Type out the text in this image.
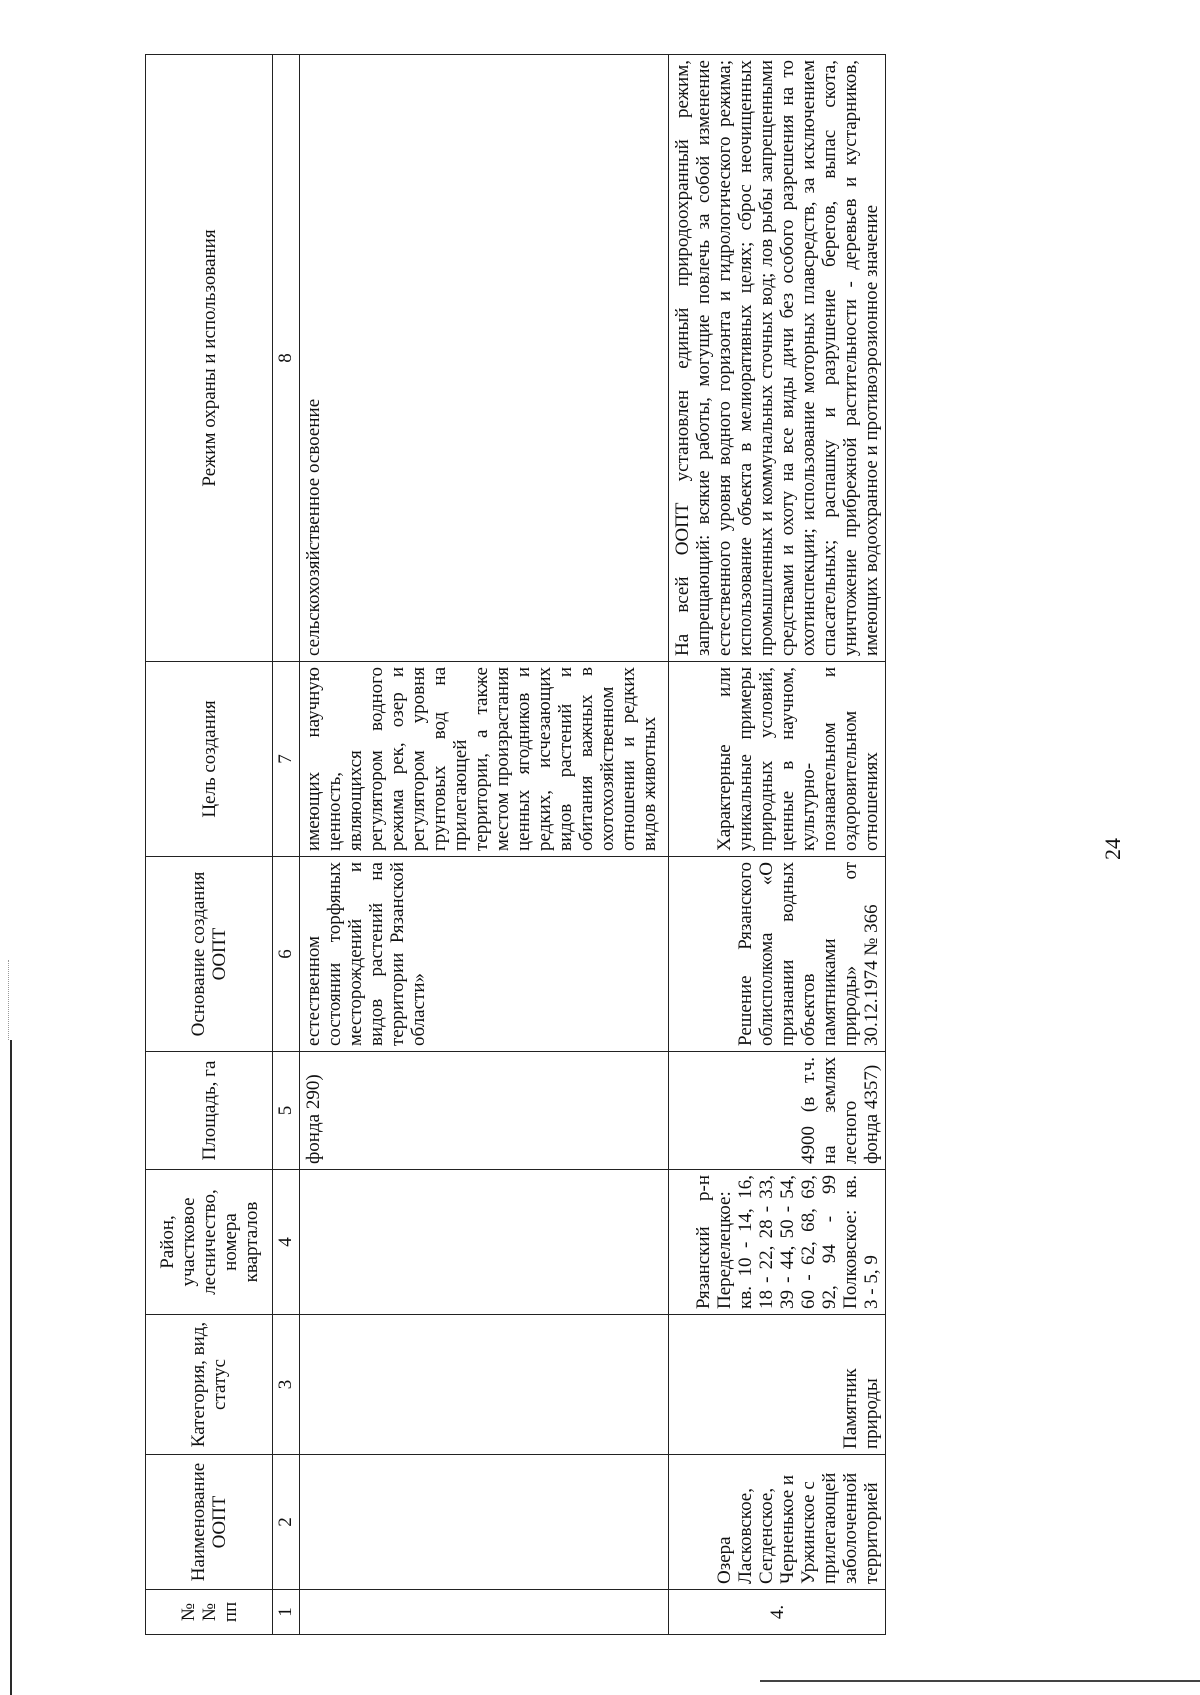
№№ пп	Наименование ООПТ	Категория, вид, статус	Район, участковое лесничество, номера кварталов	Площадь, га	Основание создания ООПТ	Цель создания	Режим охраны и использования
1	2	3	4	5	6	7	8
				фонда 290)	естественном состоянии торфяных месторождений и видов растений на территории Рязанской области»	имеющих научную ценность, являющихся регулятором водного режима рек, озер и регулятором уровня грунтовых вод на прилегающей территории, а также местом произрастания ценных ягодников и редких, исчезающих видов растений и обитания важных в охотохозяйственном отношении и редких видов животных	сельскохозяйственное освоение
4.	Озера Ласковское, Сегденское, Черненькое и Уржинское с прилегающей заболоченной территорией	Памятник природы	Рязанский р-н Переделецкое: кв. 10 - 14, 16, 18 - 22, 28 - 33, 39 - 44, 50 - 54, 60 - 62, 68, 69, 92, 94 - 99 Полковское: кв. 3 - 5, 9	4900 (в т.ч. на землях лесного фонда 4357)	Решение Рязанского облисполкома «О признании водных объектов памятниками природы» от 30.12.1974 № 366	Характерные или уникальные примеры природных условий, ценные в научном, культурно-познавательном и оздоровительном отношениях	На всей ООПТ установлен единый природоохранный режим, запрещающий: всякие работы, могущие повлечь за собой изменение естественного уровня водного горизонта и гидрологического режима; использование объекта в мелиоративных целях; сброс неочищенных промышленных и коммунальных сточных вод; лов рыбы запрещенными средствами и охоту на все виды дичи без особого разрешения на то охотинспекции; использование моторных плавсредств, за исключением спасательных; распашку и разрушение берегов, выпас скота, уничтожение прибрежной растительности - деревьев и кустарников, имеющих водоохранное и противоэрозионное значение
24
